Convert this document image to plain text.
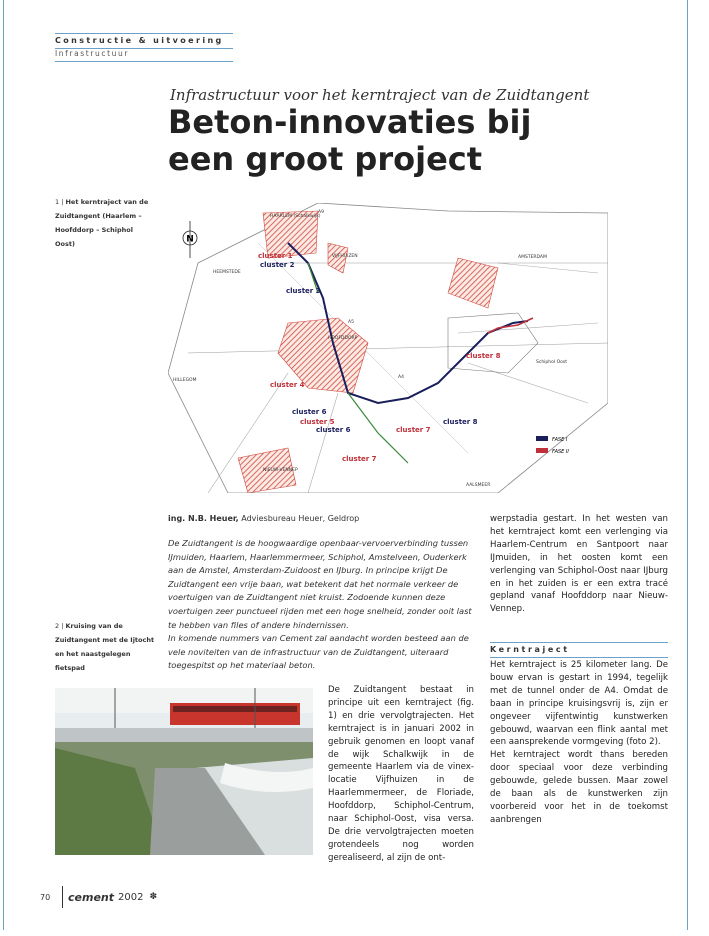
Constructie & uitvoering
Infrastructuur
Infrastructuur voor het kerntraject van de Zuidtangent
Beton-innovaties bij een groot project
1 | Het kerntraject van de Zuidtangent (Haarlem – Hoofddorp – Schiphol Oost)	N
A9
A5
A4
HAARLEM (Schalkwijk)
HEEMSTEDE
VIJFHUIZEN	AMSTERDAM
Schiphol Oost
HOOFDDORP
HILLEGOM
NIEUW-VENNEP
AALSMEER
cluster 1
cluster 2
cluster 3
cluster 4
cluster 5
cluster 6
cluster 6	cluster 7
cluster 7
cluster 8
cluster 8
FASE I
FASE II
ing. N.B. Heuer, Adviesbureau Heuer, Geldrop

De Zuidtangent is de hoogwaardige openbaar-vervoerverbinding tussen IJmuiden, Haarlem, Haarlemmermeer, Schiphol, Amstelveen, Ouderkerk aan de Amstel, Amsterdam-Zuidoost en IJburg. In principe krijgt De Zuidtangent een vrije baan, wat betekent dat het normale verkeer de voertuigen van de Zuidtangent niet kruist. Zodoende kunnen deze voertuigen zeer punctueel rijden met een hoge snelheid, zonder ooit last te hebben van files of andere hindernissen.

In komende nummers van Cement zal aandacht worden besteed aan de vele noviteiten van de infrastructuur van de Zuidtangent, uiteraard toegespitst op het materiaal beton.

2 | Kruising van de Zuidtangent met de Ijtocht en het naastgelegen fietspad

De Zuidtangent bestaat in principe uit een kerntraject (fig. 1) en drie vervolgtrajecten. Het kerntraject is in januari 2002 in gebruik genomen en loopt vanaf de wijk Schalkwijk in de gemeente Haarlem via de vinex-locatie Vijfhuizen in de Haarlemmermeer, de Floriade, Hoofddorp, Schiphol-Centrum, naar Schiphol-Oost, visa versa. De drie vervolgtrajecten moeten grotendeels nog worden gerealiseerd, al zijn de ont-

werpstadia gestart. In het westen van het kerntraject komt een verlenging via Haarlem-Centrum en Santpoort naar IJmuiden, in het oosten komt een verlenging van Schiphol-Oost naar IJburg en in het zuiden is er een extra tracé gepland vanaf Hoofddorp naar Nieuw-Vennep.

Kerntraject

Het kerntraject is 25 kilometer lang. De bouw ervan is gestart in 1994, tegelijk met de tunnel onder de A4. Omdat de baan in principe kruisingsvrij is, zijn er ongeveer vijfentwintig kunstwerken gebouwd, waarvan een flink aantal met een aansprekende vormgeving (foto 2).

Het kerntraject wordt thans bereden door speciaal voor deze verbinding gebouwde, gelede bussen. Maar zowel de baan als de kunstwerken zijn voorbereid voor het in de toekomst aanbrengen

70	cement 2002 ✽
